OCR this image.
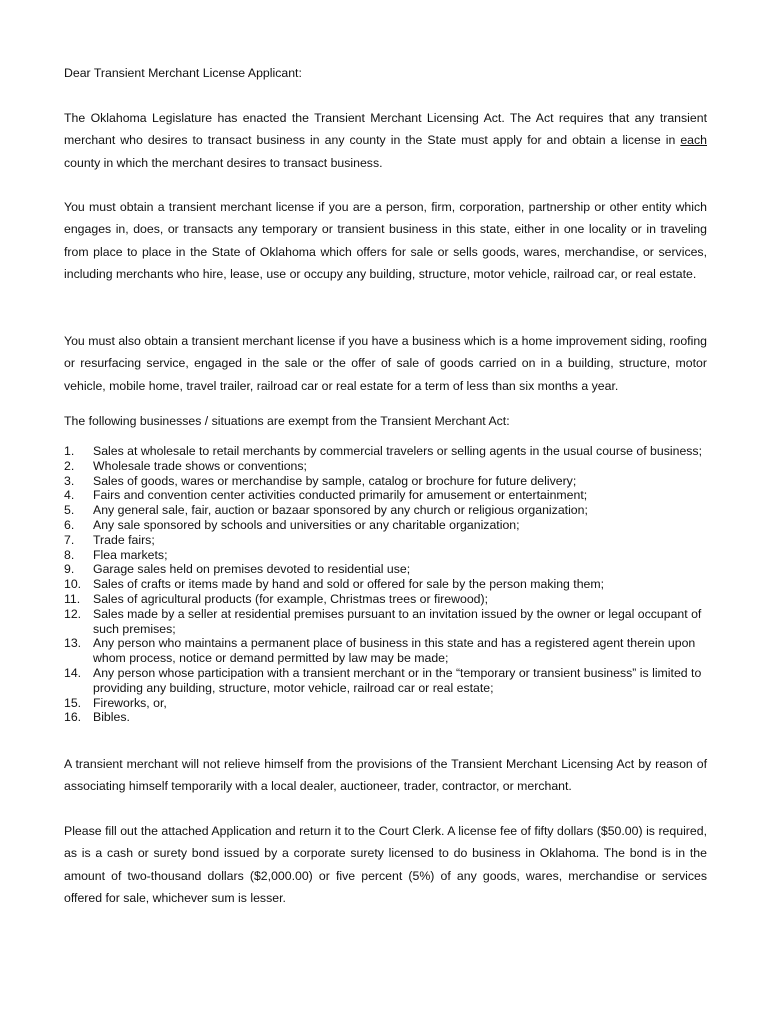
Dear Transient Merchant License Applicant:

The Oklahoma Legislature has enacted the Transient Merchant Licensing Act. The Act requires that any transient merchant who desires to transact business in any county in the State must apply for and obtain a license in each county in which the merchant desires to transact business.

You must obtain a transient merchant license if you are a person, firm, corporation, partnership or other entity which engages in, does, or transacts any temporary or transient business in this state, either in one locality or in traveling from place to place in the State of Oklahoma which offers for sale or sells goods, wares, merchandise, or services, including merchants who hire, lease, use or occupy any building, structure, motor vehicle, railroad car, or real estate.

You must also obtain a transient merchant license if you have a business which is a home improvement siding, roofing or resurfacing service, engaged in the sale or the offer of sale of goods carried on in a building, structure, motor vehicle, mobile home, travel trailer, railroad car or real estate for a term of less than six months a year.

The following businesses / situations are exempt from the Transient Merchant Act:

1. Sales at wholesale to retail merchants by commercial travelers or selling agents in the usual course of business;
2. Wholesale trade shows or conventions;
3. Sales of goods, wares or merchandise by sample, catalog or brochure for future delivery;
4. Fairs and convention center activities conducted primarily for amusement or entertainment;
5. Any general sale, fair, auction or bazaar sponsored by any church or religious organization;
6. Any sale sponsored by schools and universities or any charitable organization;
7. Trade fairs;
8. Flea markets;
9. Garage sales held on premises devoted to residential use;
10. Sales of crafts or items made by hand and sold or offered for sale by the person making them;
11. Sales of agricultural products (for example, Christmas trees or firewood);
12. Sales made by a seller at residential premises pursuant to an invitation issued by the owner or legal occupant of such premises;
13. Any person who maintains a permanent place of business in this state and has a registered agent therein upon whom process, notice or demand permitted by law may be made;
14. Any person whose participation with a transient merchant or in the “temporary or transient business” is limited to providing any building, structure, motor vehicle, railroad car or real estate;
15. Fireworks, or,
16. Bibles.

A transient merchant will not relieve himself from the provisions of the Transient Merchant Licensing Act by reason of associating himself temporarily with a local dealer, auctioneer, trader, contractor, or merchant.

Please fill out the attached Application and return it to the Court Clerk. A license fee of fifty dollars ($50.00) is required, as is a cash or surety bond issued by a corporate surety licensed to do business in Oklahoma. The bond is in the amount of two-thousand dollars ($2,000.00) or five percent (5%) of any goods, wares, merchandise or services offered for sale, whichever sum is lesser.
